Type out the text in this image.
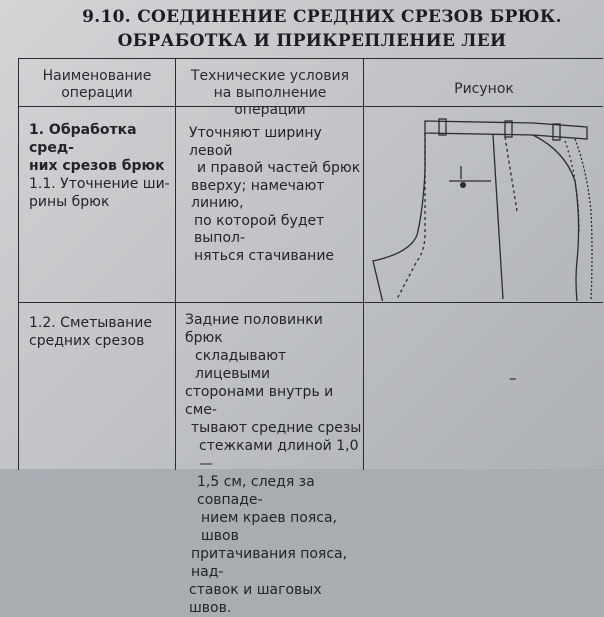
9.10. СОЕДИНЕНИЕ СРЕДНИХ СРЕЗОВ БРЮК.
ОБРАБОТКА И ПРИКРЕПЛЕНИЕ ЛЕИ
Наименование
операции
Технические условия
на выполнение операции
Рисунок
1. Обработка сред-
них срезов брюк
1.1. Уточнение ши-
рины брюк
Уточняют ширину левой
и правой частей брюк
вверху; намечают линию,
по которой будет выпол-
няться стачивание
1.2. Сметывание
средних срезов
Задние половинки брюк
складывают лицевыми
сторонами внутрь и сме-
тывают средние срезы
стежками длиной 1,0 —
1,5 см, следя за совпаде-
нием краев пояса, швов
притачивания пояса, над-
ставок и шаговых швов.
–
